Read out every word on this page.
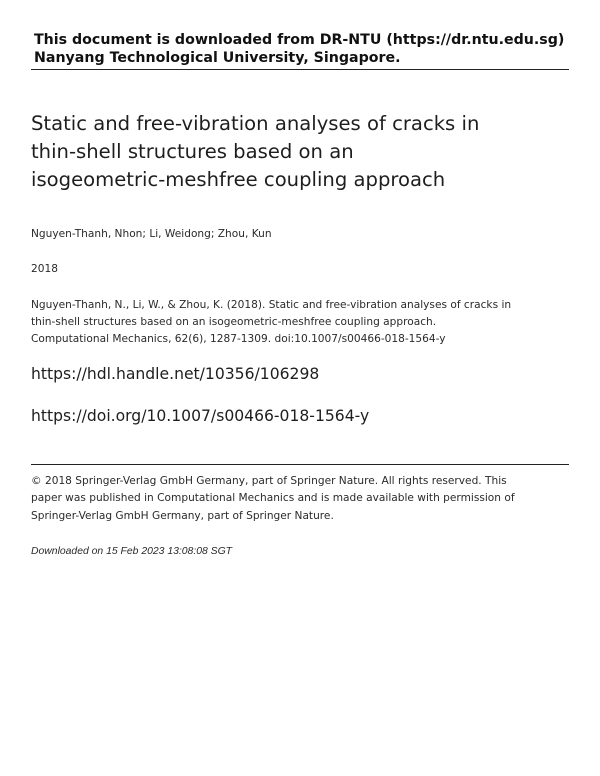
This document is downloaded from DR-NTU (https://dr.ntu.edu.sg)
Nanyang Technological University, Singapore.
Static and free-vibration analyses of cracks in
thin-shell structures based on an
isogeometric-meshfree coupling approach
Nguyen-Thanh, Nhon; Li, Weidong; Zhou, Kun
2018
Nguyen-Thanh, N., Li, W., & Zhou, K. (2018). Static and free-vibration analyses of cracks in
thin-shell structures based on an isogeometric-meshfree coupling approach.
Computational Mechanics, 62(6), 1287-1309. doi:10.1007/s00466-018-1564-y
https://hdl.handle.net/10356/106298
https://doi.org/10.1007/s00466-018-1564-y
© 2018 Springer-Verlag GmbH Germany, part of Springer Nature. All rights reserved. This
paper was published in Computational Mechanics and is made available with permission of
Springer-Verlag GmbH Germany, part of Springer Nature.
Downloaded on 15 Feb 2023 13:08:08 SGT
